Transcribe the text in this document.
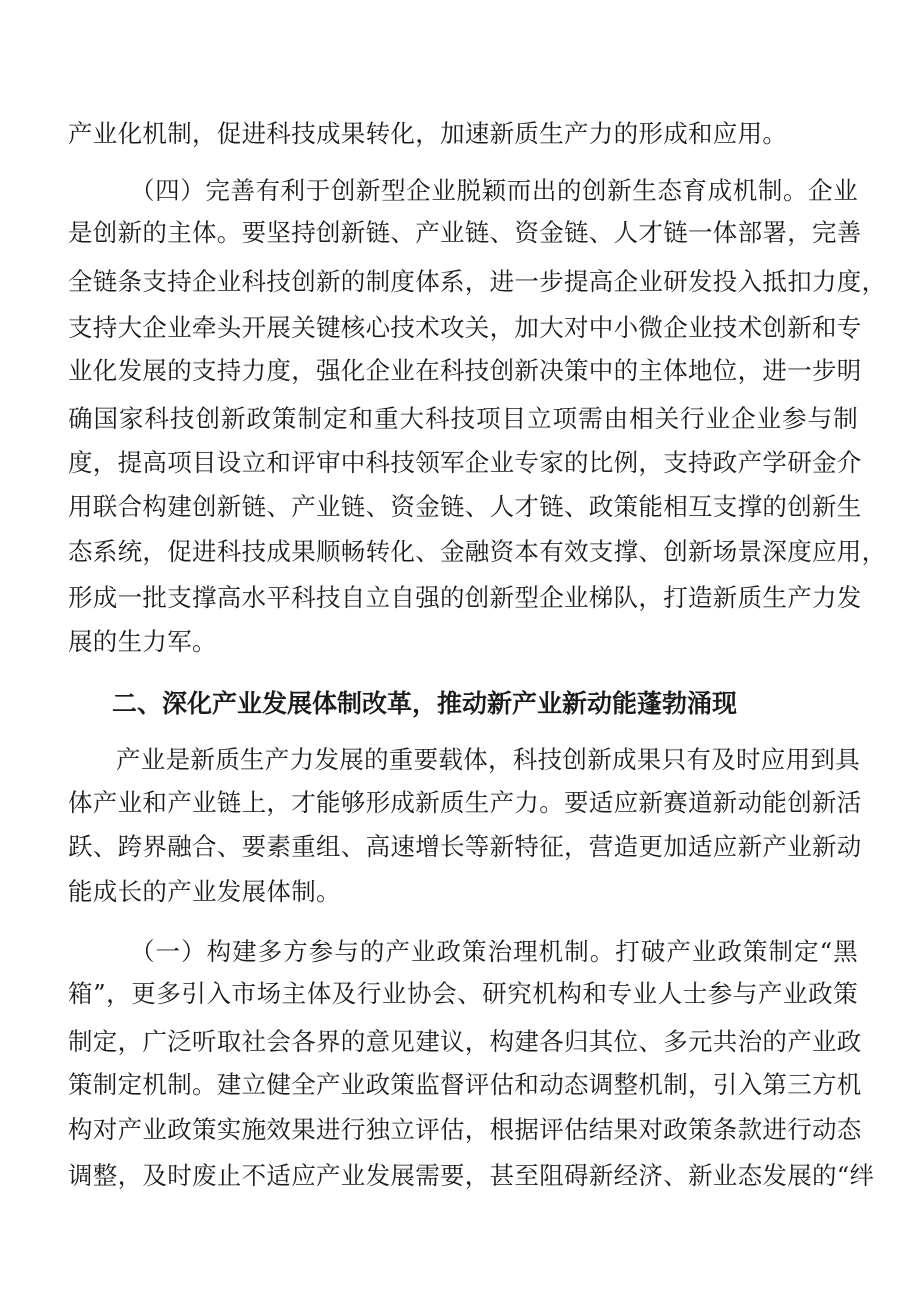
产业化机制，促进科技成果转化，加速新质生产力的形成和应用。
（四）完善有利于创新型企业脱颖而出的创新生态育成机制。企业
是创新的主体。要坚持创新链、产业链、资金链、人才链一体部署，完善
全链条支持企业科技创新的制度体系，进一步提高企业研发投入抵扣力度，
支持大企业牵头开展关键核心技术攻关，加大对中小微企业技术创新和专
业化发展的支持力度，强化企业在科技创新决策中的主体地位，进一步明
确国家科技创新政策制定和重大科技项目立项需由相关行业企业参与制
度，提高项目设立和评审中科技领军企业专家的比例，支持政产学研金介
用联合构建创新链、产业链、资金链、人才链、政策能相互支撑的创新生
态系统，促进科技成果顺畅转化、金融资本有效支撑、创新场景深度应用，
形成一批支撑高水平科技自立自强的创新型企业梯队，打造新质生产力发
展的生力军。
二、深化产业发展体制改革，推动新产业新动能蓬勃涌现
产业是新质生产力发展的重要载体，科技创新成果只有及时应用到具
体产业和产业链上，才能够形成新质生产力。要适应新赛道新动能创新活
跃、跨界融合、要素重组、高速增长等新特征，营造更加适应新产业新动
能成长的产业发展体制。
（一）构建多方参与的产业政策治理机制。打破产业政策制定“黑
箱”，更多引入市场主体及行业协会、研究机构和专业人士参与产业政策
制定，广泛听取社会各界的意见建议，构建各归其位、多元共治的产业政
策制定机制。建立健全产业政策监督评估和动态调整机制，引入第三方机
构对产业政策实施效果进行独立评估，根据评估结果对政策条款进行动态
调整，及时废止不适应产业发展需要，甚至阻碍新经济、新业态发展的“绊
